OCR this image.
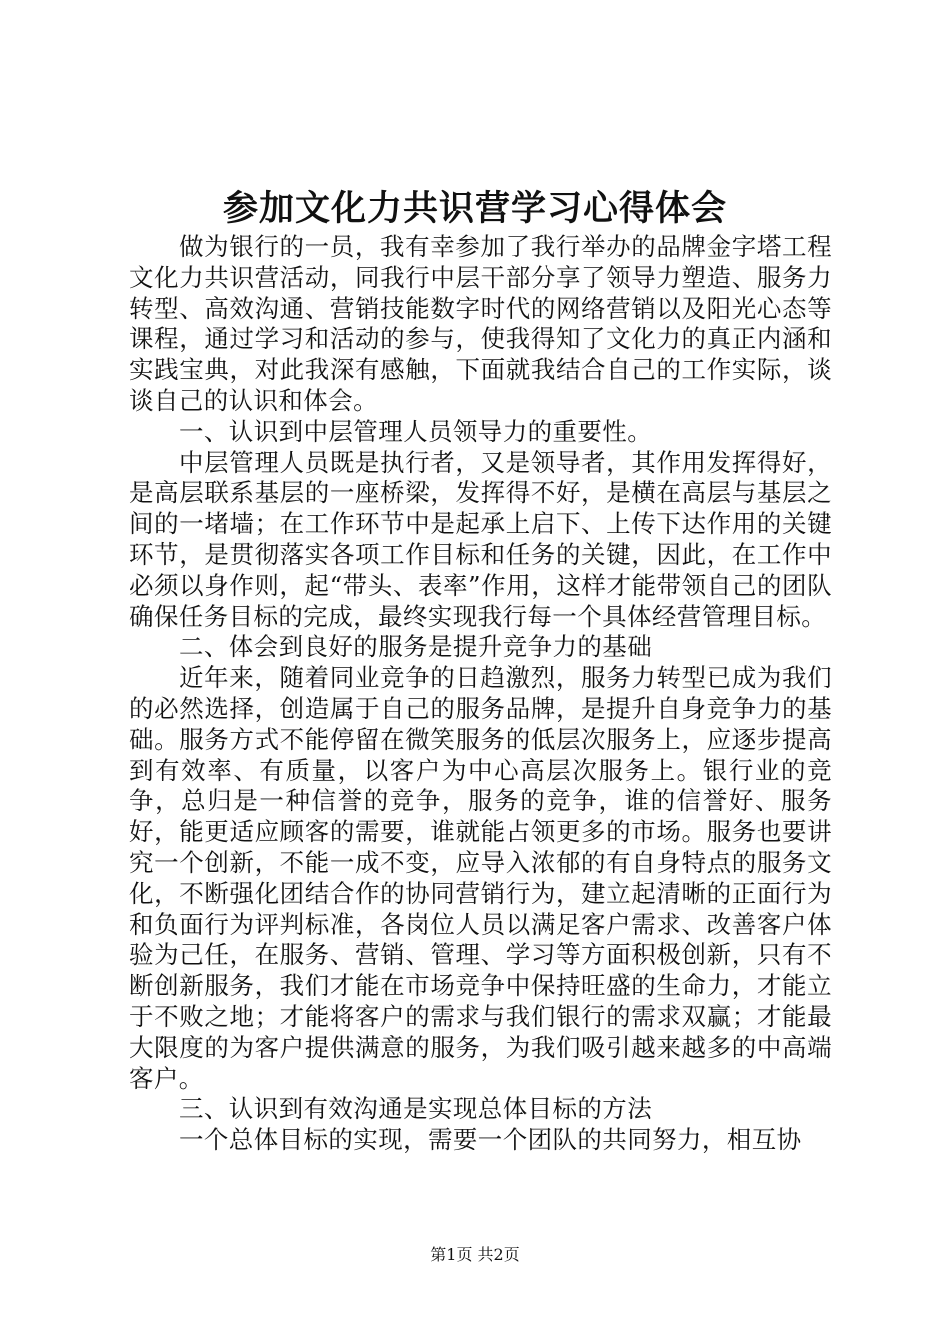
参加文化力共识营学习心得体会

做为银行的一员，我有幸参加了我行举办的品牌金字塔工程文化力共识营活动，同我行中层干部分享了领导力塑造、服务力转型、高效沟通、营销技能数字时代的网络营销以及阳光心态等课程，通过学习和活动的参与，使我得知了文化力的真正内涵和实践宝典，对此我深有感触，下面就我结合自己的工作实际，谈谈自己的认识和体会。

一、认识到中层管理人员领导力的重要性。

中层管理人员既是执行者，又是领导者，其作用发挥得好，是高层联系基层的一座桥梁，发挥得不好，是横在高层与基层之间的一堵墙；在工作环节中是起承上启下、上传下达作用的关键环节，是贯彻落实各项工作目标和任务的关键，因此，在工作中必须以身作则，起“带头、表率”作用，这样才能带领自己的团队确保任务目标的完成，最终实现我行每一个具体经营管理目标。

二、体会到良好的服务是提升竞争力的基础

近年来，随着同业竞争的日趋激烈，服务力转型已成为我们的必然选择，创造属于自己的服务品牌，是提升自身竞争力的基础。服务方式不能停留在微笑服务的低层次服务上，应逐步提高到有效率、有质量，以客户为中心高层次服务上。银行业的竞争，总归是一种信誉的竞争，服务的竞争，谁的信誉好、服务好，能更适应顾客的需要，谁就能占领更多的市场。服务也要讲究一个创新，不能一成不变，应导入浓郁的有自身特点的服务文化，不断强化团结合作的协同营销行为，建立起清晰的正面行为和负面行为评判标准，各岗位人员以满足客户需求、改善客户体验为己任，在服务、营销、管理、学习等方面积极创新，只有不断创新服务，我们才能在市场竞争中保持旺盛的生命力，才能立于不败之地；才能将客户的需求与我们银行的需求双赢；才能最大限度的为客户提供满意的服务，为我们吸引越来越多的中高端客户。

三、认识到有效沟通是实现总体目标的方法

一个总体目标的实现，需要一个团队的共同努力，相互协

第1页 共2页
